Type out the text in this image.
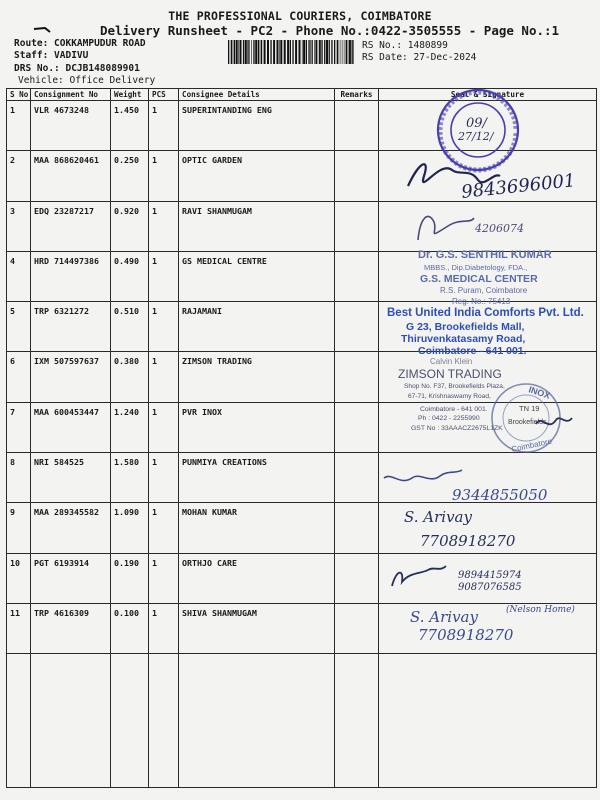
THE PROFESSIONAL COURIERS, COIMBATORE
Delivery Runsheet - PC2 - Phone No.:0422-3505555 - Page No.:1
Route: COKKAMPUDUR ROAD
Staff: VADIVU
DRS No.: DCJB148089901
Vehicle: Office Delivery
RS No.: 1480899
RS Date: 27-Dec-2024
S No	Consignment No	Weight	PCS	Consignee Details	Remarks	Seal & Signature
1	VLR 4673248	1.450	1	SUPERINTANDING ENG		
2	MAA 868620461	0.250	1	OPTIC GARDEN		
3	EDQ 23287217	0.920	1	RAVI SHANMUGAM		
4	HRD 714497386	0.490	1	GS MEDICAL CENTRE		
5	TRP 6321272	0.510	1	RAJAMANI		
6	IXM 507597637	0.380	1	ZIMSON TRADING		
7	MAA 600453447	1.240	1	PVR INOX		
8	NRI 584525	1.580	1	PUNMIYA CREATIONS		
9	MAA 289345582	1.090	1	MOHAN KUMAR		
10	PGT 6193914	0.190	1	ORTHJO CARE		
11	TRP 4616309	0.100	1	SHIVA SHANMUGAM		

09/
27/12/
9843696001
4206074
Dr. G.S. SENTHIL KUMAR
MBBS., Dip.Diabetology, FDA.,
G.S. MEDICAL CENTER
R.S. Puram, Coimbatore
Reg. No.: 75413
Best United India Comforts Pvt. Ltd.
G 23, Brookefields Mall,
Thiruvenkatasamy Road,
Coimbatore - 641 001.
Calvin Klein
ZIMSON TRADING
Shop No. F37, Brookefields Plaza,
67-71, Krishnaswamy Road,
Coimbatore - 641 001.
Ph : 0422 - 2255990
GST No : 33AAACZ2675L1ZK
INOX
TN 19
Brookefields
Coimbatore
9344855050
S. Arivay
7708918270
9894415974
9087076585
S. Arivay	(Nelson Home)
7708918270
